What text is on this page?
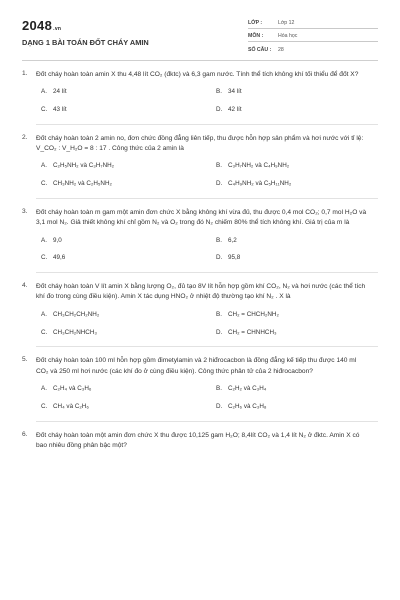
2048.vn
DẠNG 1 BÀI TOÁN ĐỐT CHÁY AMIN
LỚP :	Lớp 12
MÔN :	Hóa học
SỐ CÂU :	28
1. Đốt cháy hoàn toàn amin X thu 4,48 lít CO₂ (đktc) và 6,3 gam nước. Tính thể tích không khí tối thiểu để đốt X?
A. 24 lít	B. 34 lít
C. 43 lít	D. 42 lít
2. Đốt cháy hoàn toàn 2 amin no, đơn chức đồng đẳng liên tiếp, thu được hỗn hợp sản phẩm và hơi nước với tỉ lệ: V_CO₂ : V_H₂O = 8 : 17 . Công thức của 2 amin là
A. C₂H₅NH₂ và C₃H₇NH₂	B. C₃H₇NH₂ và C₄H₉NH₂
C. CH₃NH₂ và C₂H₅NH₂	D. C₄H₉NH₂ và C₅H₁₁NH₂
3. Đốt cháy hoàn toàn m gam một amin đơn chức X bằng không khí vừa đủ, thu được 0,4 mol CO₂; 0,7 mol H₂O và 3,1 mol N₂. Giả thiết không khí chỉ gồm N₂ và O₂ trong đó N₂ chiếm 80% thể tích không khí. Giá trị của m là
A. 9,0	B. 6,2
C. 49,6	D. 95,8
4. Đốt cháy hoàn toàn V lít amin X bằng lượng O₂, đủ tạo 8V lít hỗn hợp gồm khí CO₂, N₂ và hơi nước (các thể tích khí đo trong cùng điều kiện). Amin X tác dụng HNO₂ ở nhiệt độ thường tạo khí N₂ . X là
A. CH₃CH₂CH₂NH₂	B. CH₂ = CHCH₂NH₂
C. CH₃CH₂NHCH₃	D. CH₂ = CHNHCH₃
5. Đốt cháy hoàn toàn 100 ml hỗn hợp gồm đimetylamin và 2 hiđrocacbon là đồng đẳng kế tiếp thu được 140 ml CO₂ và 250 ml hơi nước (các khí đo ở cùng điều kiện). Công thức phân tử của 2 hiđrocacbon?
A. C₂H₄ và C₃H₆	B. C₂H₂ và C₃H₄
C. CH₄ và C₂H₆	D. C₂H₆ và C₃H₈
6. Đốt cháy hoàn toàn một amin đơn chức X thu được 10,125 gam H₂O; 8,4lít CO₂ và 1,4 lít N₂ ở đktc. Amin X có bao nhiêu đồng phân bậc một?
